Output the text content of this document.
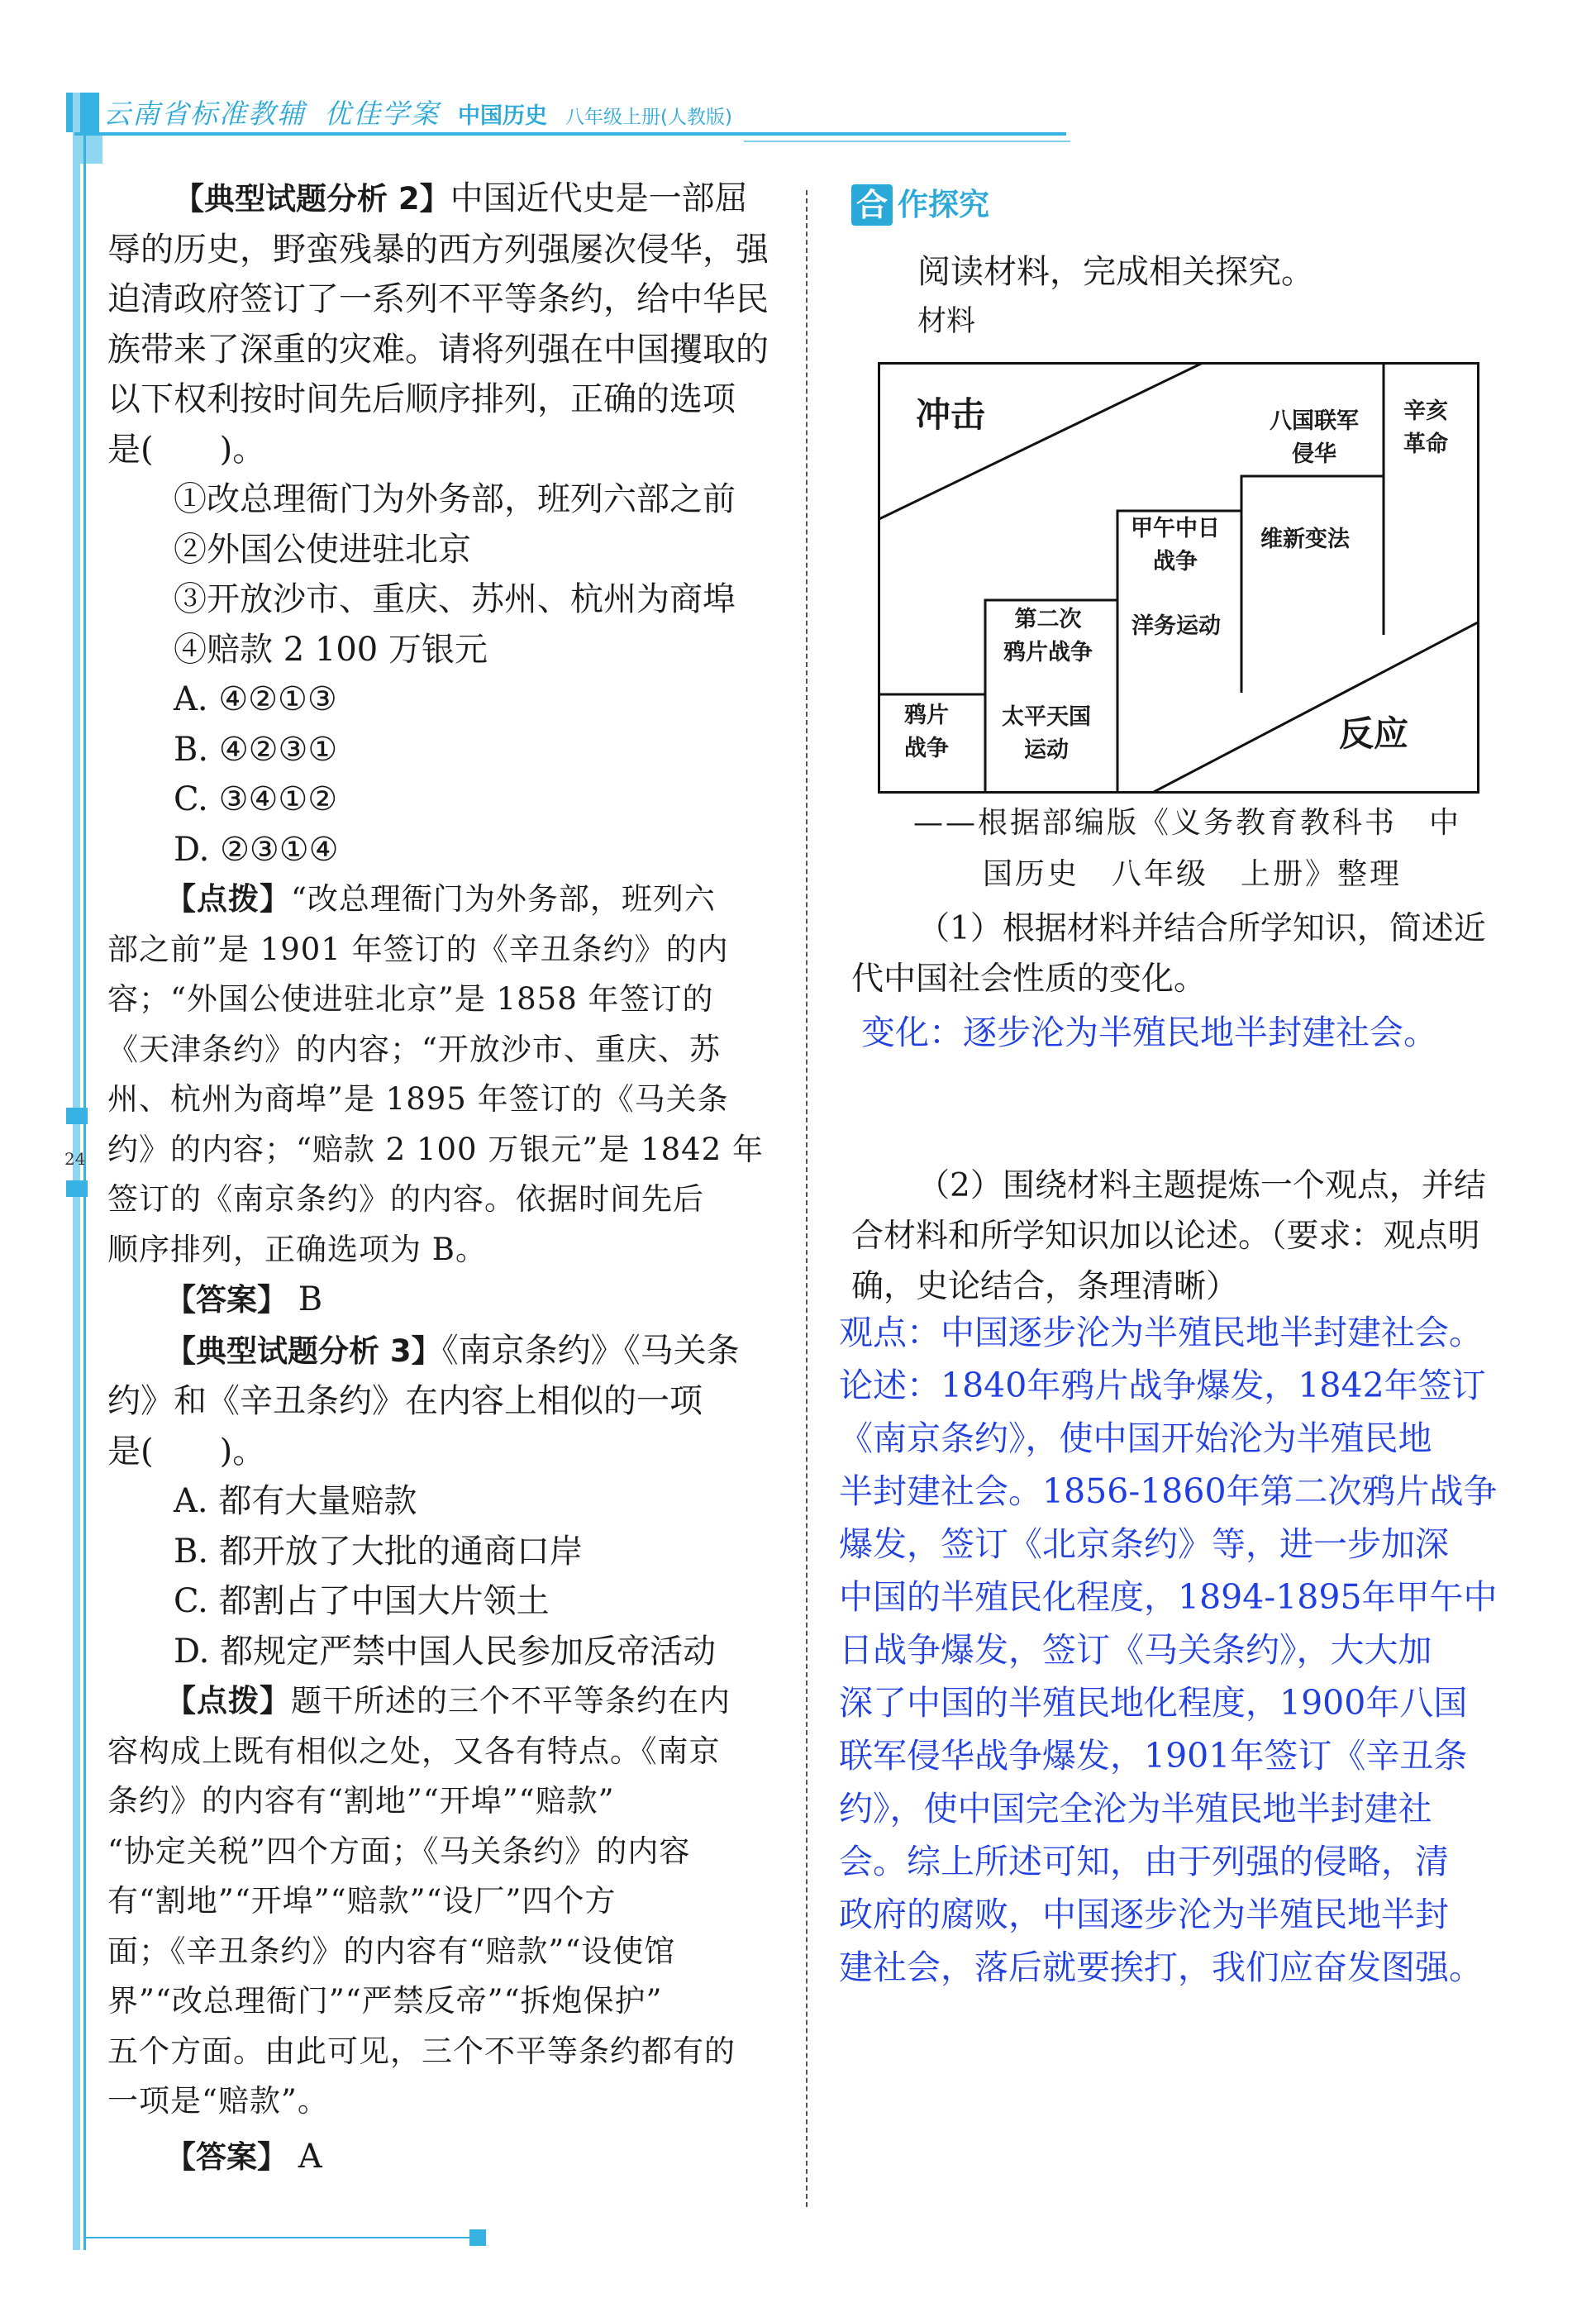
24
云南省标准教辅 优佳学案 中国历史 八年级上册(人教版)

【典型试题分析 2】中国近代史是一部屈

辱的历史，野蛮残暴的西方列强屡次侵华，强

迫清政府签订了一系列不平等条约，给中华民

族带来了深重的灾难。请将列强在中国攫取的

以下权利按时间先后顺序排列，正确的选项

是(　　)。

①改总理衙门为外务部，班列六部之前

②外国公使进驻北京

③开放沙市、重庆、苏州、杭州为商埠

④赔款 2 100 万银元

A. ④②①③

B. ④②③①

C. ③④①②

D. ②③①④

【点拨】“改总理衙门为外务部，班列六

部之前”是 1901 年签订的《辛丑条约》的内

容；“外国公使进驻北京”是 1858 年签订的

《天津条约》的内容；“开放沙市、重庆、苏

州、杭州为商埠”是 1895 年签订的《马关条

约》的内容；“赔款 2 100 万银元”是 1842 年

签订的《南京条约》的内容。依据时间先后

顺序排列，正确选项为 B。

【答案】 B

【典型试题分析 3】《南京条约》《马关条

约》和《辛丑条约》在内容上相似的一项

是(　　)。

A. 都有大量赔款

B. 都开放了大批的通商口岸

C. 都割占了中国大片领土

D. 都规定严禁中国人民参加反帝活动

【点拨】题干所述的三个不平等条约在内

容构成上既有相似之处，又各有特点。《南京

条约》的内容有“割地”“开埠”“赔款”

“协定关税”四个方面；《马关条约》的内容

有“割地”“开埠”“赔款”“设厂”四个方

面；《辛丑条约》的内容有“赔款”“设使馆

界”“改总理衙门”“严禁反帝”“拆炮保护”

五个方面。由此可见，三个不平等条约都有的

一项是“赔款”。

【答案】 A

合 作探究

阅读材料，完成相关探究。

材料

冲击
反应
鸦片
战争
太平天国
运动
第二次
鸦片战争
洋务运动
甲午中日
战争
维新变法
八国联军
侵华
辛亥
革命

——根据部编版《义务教育教科书　中

国历史　八年级　上册》整理

（1）根据材料并结合所学知识，简述近

代中国社会性质的变化。

变化：逐步沦为半殖民地半封建社会。

（2）围绕材料主题提炼一个观点，并结

合材料和所学知识加以论述。（要求：观点明

确，史论结合，条理清晰）

观点：中国逐步沦为半殖民地半封建社会。

论述：1840年鸦片战争爆发，1842年签订

《南京条约》，使中国开始沦为半殖民地

半封建社会。1856-1860年第二次鸦片战争

爆发，签订《北京条约》等，进一步加深

中国的半殖民化程度，1894-1895年甲午中

日战争爆发，签订《马关条约》，大大加

深了中国的半殖民地化程度，1900年八国

联军侵华战争爆发，1901年签订《辛丑条

约》，使中国完全沦为半殖民地半封建社

会。综上所述可知，由于列强的侵略，清

政府的腐败，中国逐步沦为半殖民地半封

建社会，落后就要挨打，我们应奋发图强。
